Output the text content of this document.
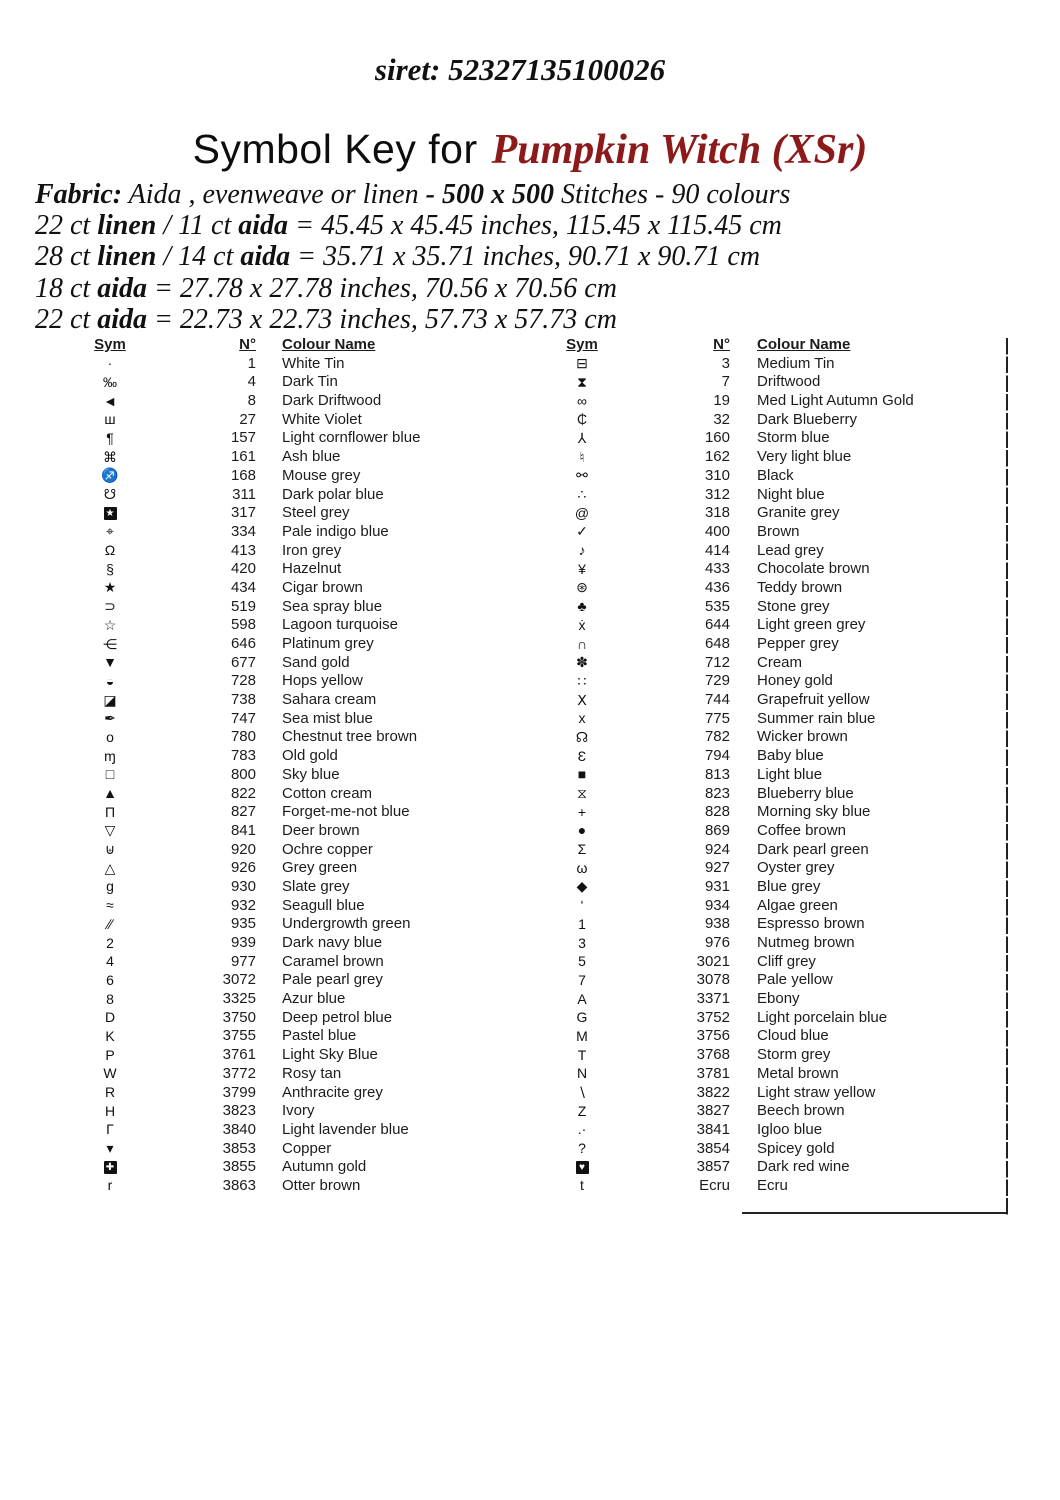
siret: 52327135100026
Symbol Key for Pumpkin Witch (XSr)
Fabric: Aida , evenweave or linen - 500 x 500 Stitches - 90 colours
22 ct linen / 11 ct aida = 45.45 x 45.45 inches, 115.45 x 115.45 cm
28 ct linen / 14 ct aida = 35.71 x 35.71 inches, 90.71 x 90.71 cm
18 ct aida = 27.78 x 27.78 inches, 70.56 x 70.56 cm
22 ct aida = 22.73 x 22.73 inches, 57.73 x 57.73 cm
Sym	N°	Colour Name
·	1	White Tin
‰	4	Dark Tin
◄	8	Dark Driftwood
ш	27	White Violet
¶	157	Light cornflower blue
⌘	161	Ash blue
♐	168	Mouse grey
☋	311	Dark polar blue
★	317	Steel grey
⌖	334	Pale indigo blue
Ω	413	Iron grey
§	420	Hazelnut
★	434	Cigar brown
⊃	519	Sea spray blue
☆	598	Lagoon turquoise
⋲	646	Platinum grey
▼	677	Sand gold
◒	728	Hops yellow
◪	738	Sahara cream
✒	747	Sea mist blue
o	780	Chestnut tree brown
ɱ	783	Old gold
□	800	Sky blue
▲	822	Cotton cream
Π	827	Forget-me-not blue
▽	841	Deer brown
⊎	920	Ochre copper
△	926	Grey green
g	930	Slate grey
≈	932	Seagull blue
∕∕	935	Undergrowth green
2	939	Dark navy blue
4	977	Caramel brown
6	3072	Pale pearl grey
8	3325	Azur blue
D	3750	Deep petrol blue
K	3755	Pastel blue
P	3761	Light Sky Blue
W	3772	Rosy tan
R	3799	Anthracite grey
H	3823	Ivory
Γ	3840	Light lavender blue
▾	3853	Copper
✚	3855	Autumn gold
r	3863	Otter brown
Sym	N°	Colour Name
⊟	3	Medium Tin
⧗	7	Driftwood
∞	19	Med Light Autumn Gold
₵	32	Dark Blueberry
⅄	160	Storm blue
♮	162	Very light blue
⚯	310	Black
∴	312	Night blue
@	318	Granite grey
✓	400	Brown
♪	414	Lead grey
¥	433	Chocolate brown
⊛	436	Teddy brown
♣	535	Stone grey
ẋ	644	Light green grey
∩	648	Pepper grey
✽	712	Cream
∷	729	Honey gold
Ⅹ	744	Grapefruit yellow
x	775	Summer rain blue
☊	782	Wicker brown
Ɛ	794	Baby blue
■	813	Light blue
⧖	823	Blueberry blue
+	828	Morning sky blue
●	869	Coffee brown
Σ	924	Dark pearl green
ω	927	Oyster grey
◆	931	Blue grey
‘	934	Algae green
1	938	Espresso brown
3	976	Nutmeg brown
5	3021	Cliff grey
7	3078	Pale yellow
A	3371	Ebony
G	3752	Light porcelain blue
M	3756	Cloud blue
T	3768	Storm grey
N	3781	Metal brown
∖	3822	Light straw yellow
Z	3827	Beech brown
.·	3841	Igloo blue
?	3854	Spicey gold
♥	3857	Dark red wine
t	Ecru	Ecru
